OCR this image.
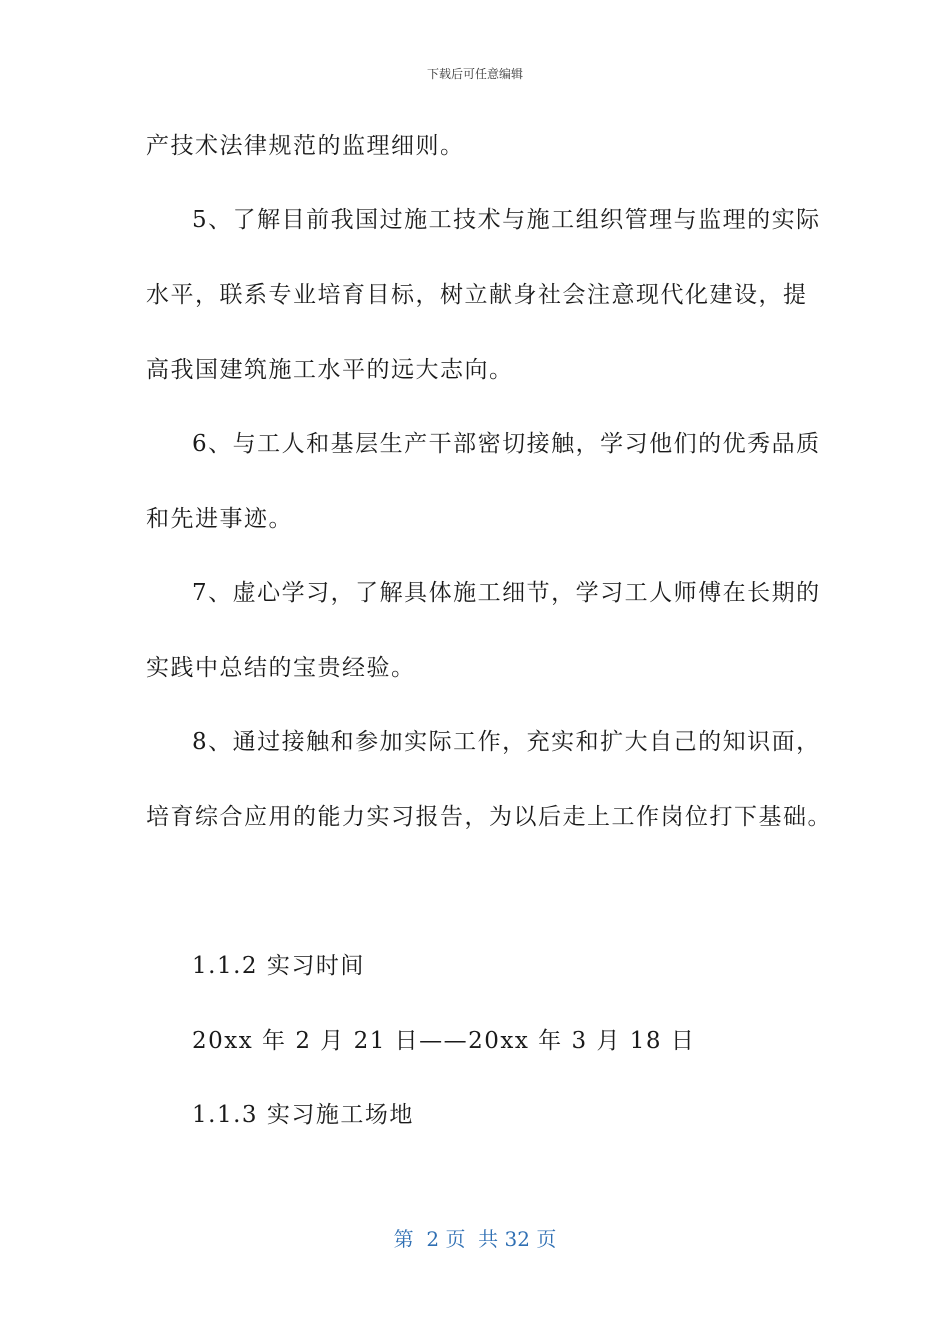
下载后可任意编辑
产技术法律规范的监理细则。
5、了解目前我国过施工技术与施工组织管理与监理的实际
水平，联系专业培育目标，树立献身社会注意现代化建设，提
高我国建筑施工水平的远大志向。
6、与工人和基层生产干部密切接触，学习他们的优秀品质
和先进事迹。
7、虚心学习，了解具体施工细节，学习工人师傅在长期的
实践中总结的宝贵经验。
8、通过接触和参加实际工作，充实和扩大自己的知识面，
培育综合应用的能力实习报告，为以后走上工作岗位打下基础。
1.1.2 实习时间
20xx 年 2 月 21 日——20xx 年 3 月 18 日
1.1.3 实习施工场地
第  2 页  共 32 页
